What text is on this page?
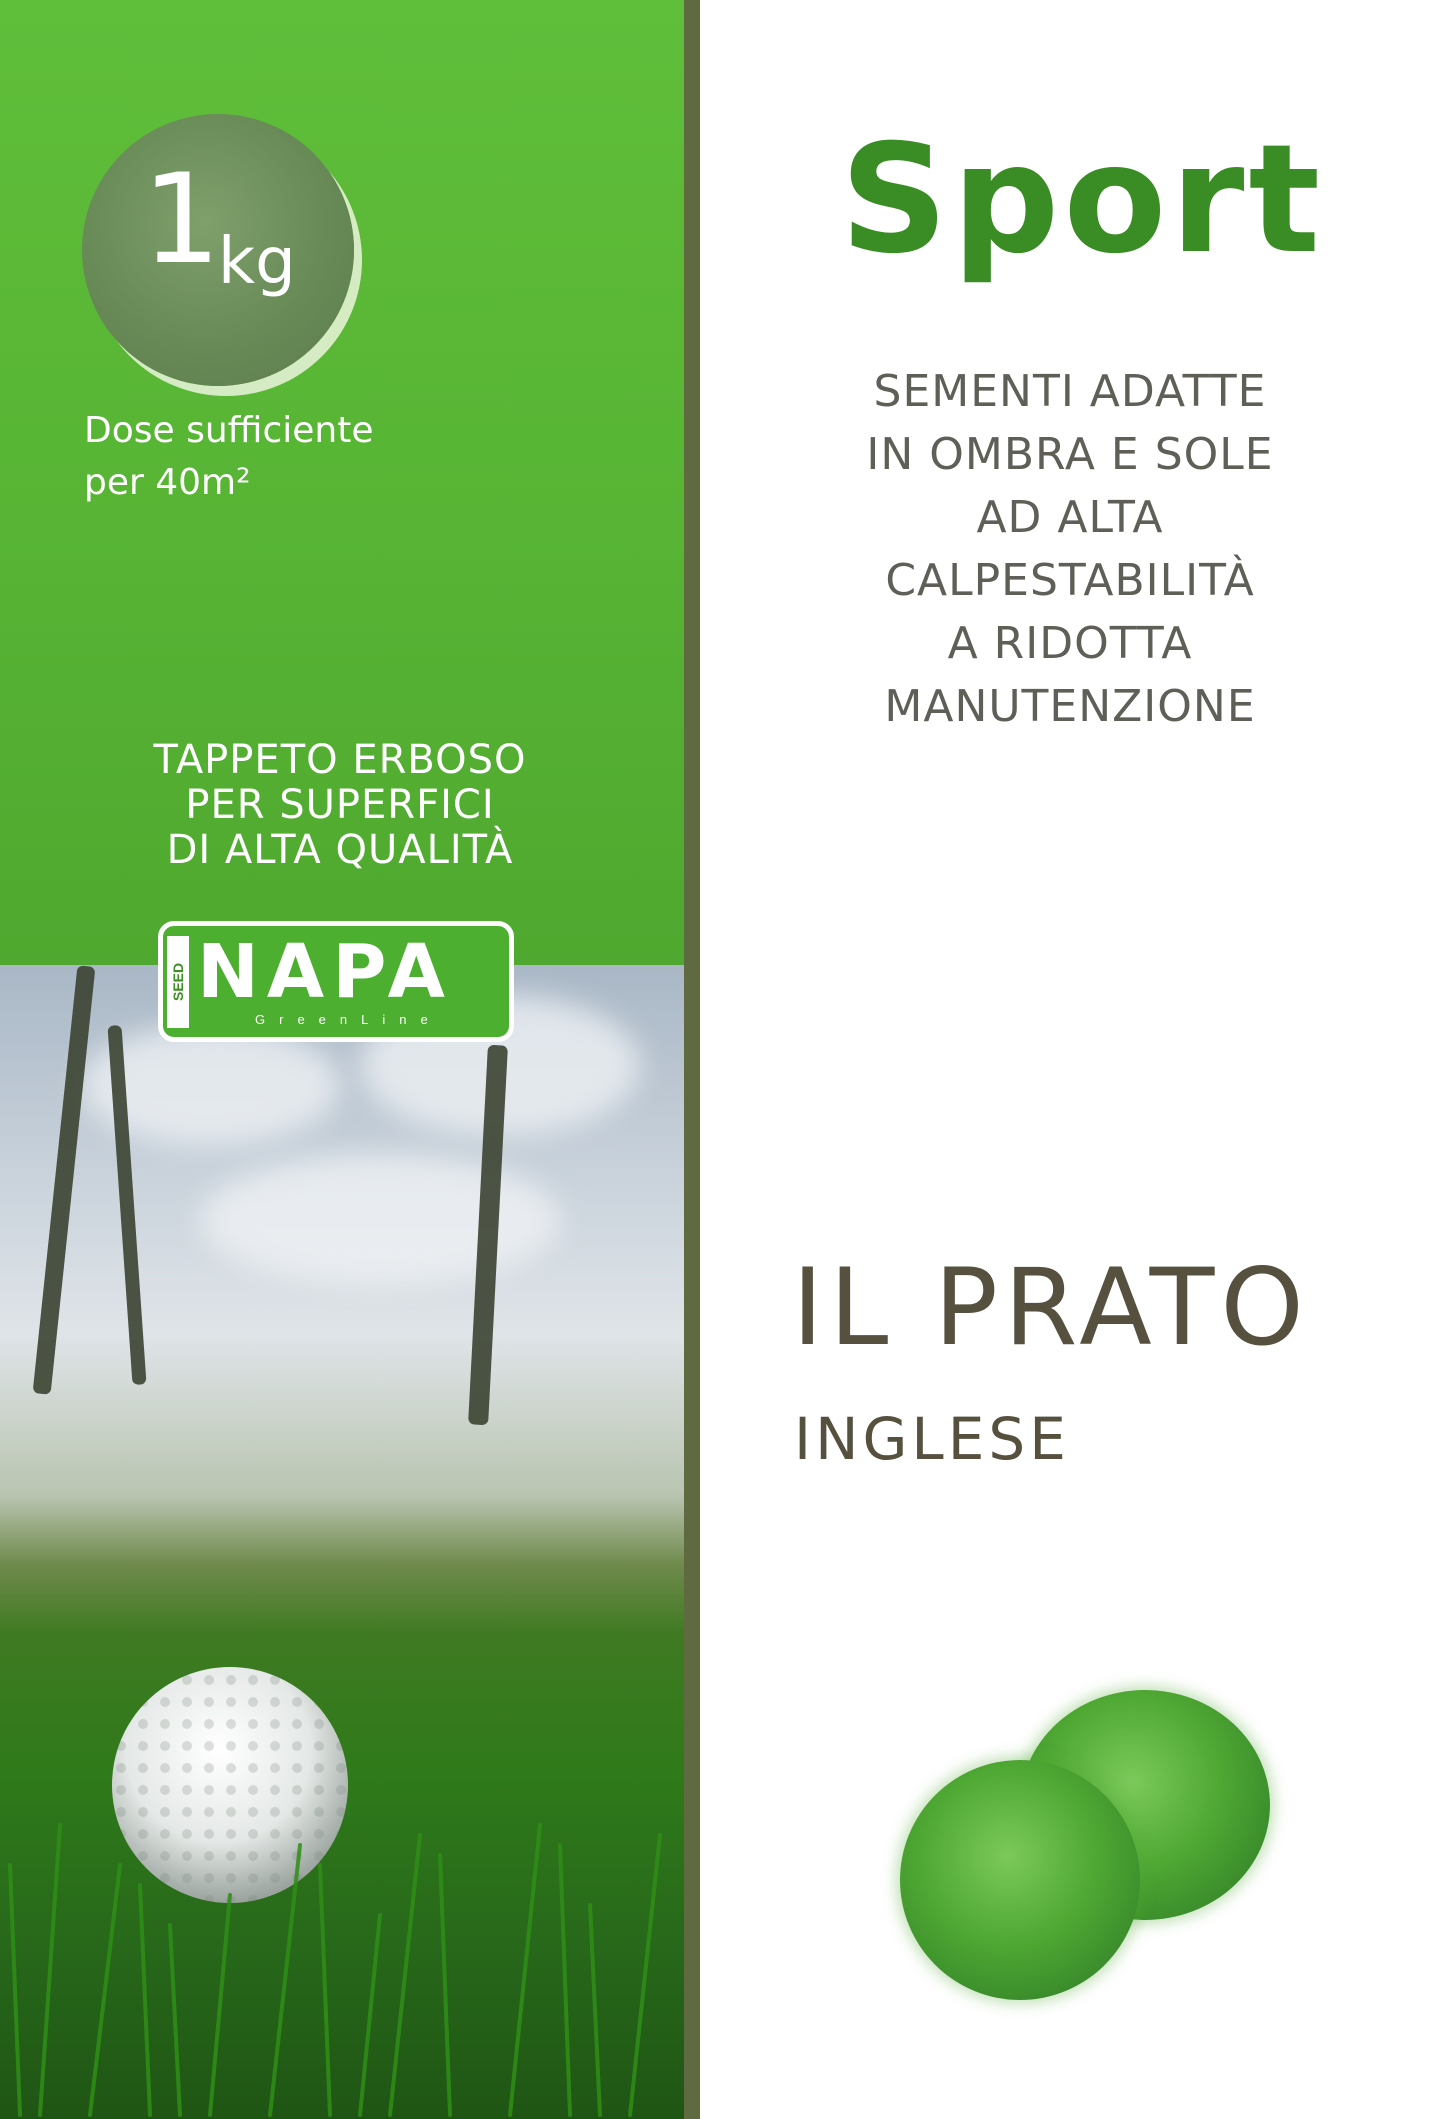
1
kg
Dose sufficiente
per 40m²
TAPPETO ERBOSO
PER SUPERFICI
DI ALTA QUALITÀ
SEED NAPA
GreenLine
Sport
SEMENTI ADATTE
IN OMBRA E SOLE
AD ALTA
CALPESTABILITÀ
A RIDOTTA
MANUTENZIONE
IL PRATO
INGLESE
